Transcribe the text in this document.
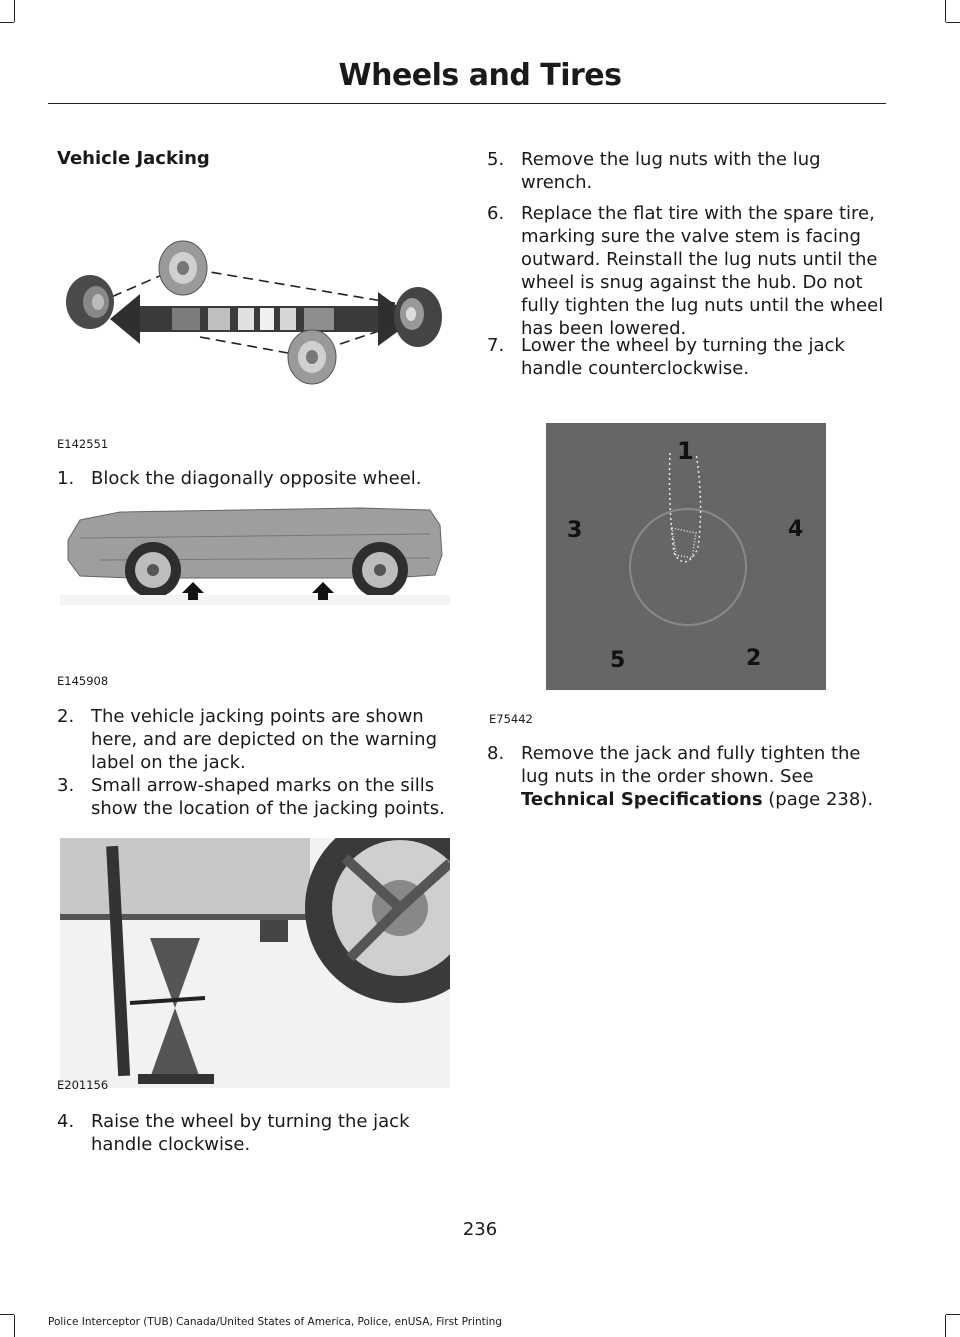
Wheels and Tires
Vehicle Jacking
E142551
1. Block the diagonally opposite wheel.
E145908
2. The vehicle jacking points are shown
here, and are depicted on the warning
label on the jack.
3. Small arrow-shaped marks on the sills
show the location of the jacking points.
E201156
4. Raise the wheel by turning the jack
handle clockwise.
5. Remove the lug nuts with the lug
wrench.
6. Replace the flat tire with the spare tire,
marking sure the valve stem is facing
outward. Reinstall the lug nuts until the
wheel is snug against the hub. Do not
fully tighten the lug nuts until the wheel
has been lowered.
7. Lower the wheel by turning the jack
handle counterclockwise.
1
3	4
5	2
E75442
8. Remove the jack and fully tighten the
lug nuts in the order shown. See
Technical Specifications (page 238).
236
Police Interceptor (TUB) Canada/United States of America, Police, enUSA, First Printing
